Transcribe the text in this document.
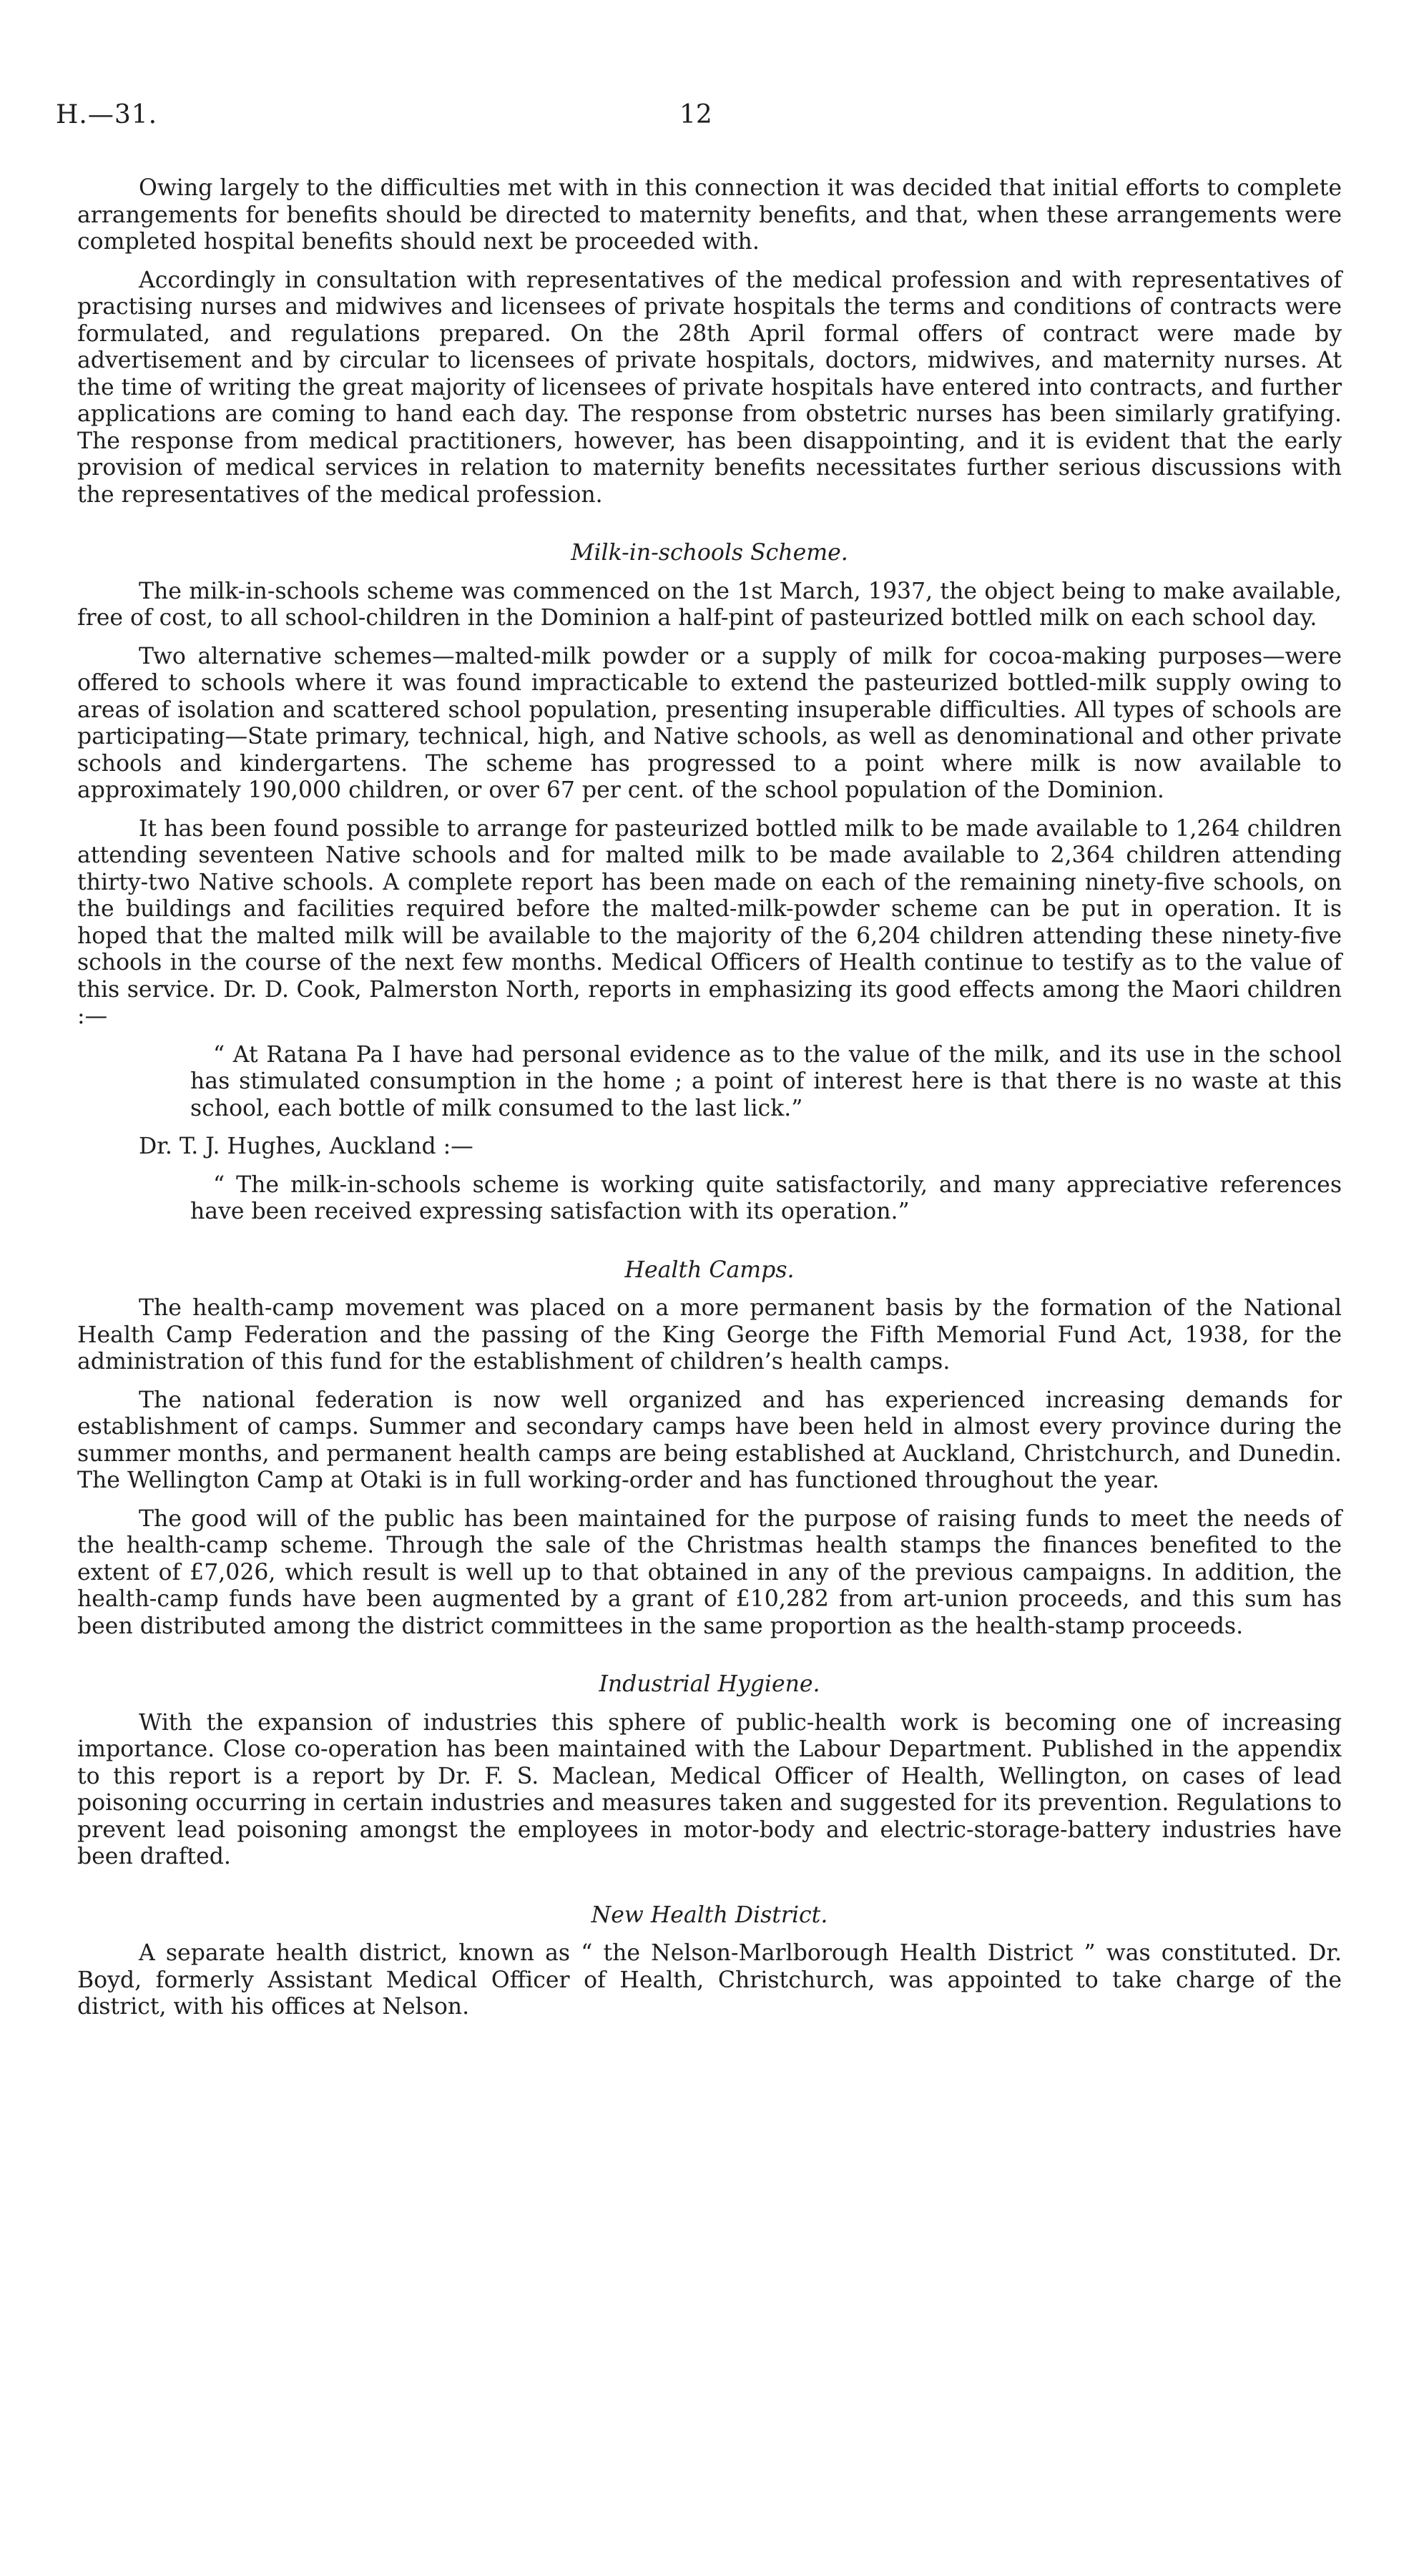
H.—31.	12

Owing largely to the difficulties met with in this connection it was decided that initial efforts to complete arrangements for benefits should be directed to maternity benefits, and that, when these arrangements were completed hospital benefits should next be proceeded with.

Accordingly in consultation with representatives of the medical profession and with representatives of practising nurses and midwives and licensees of private hospitals the terms and conditions of contracts were formulated, and regulations prepared. On the 28th April formal offers of contract were made by advertisement and by circular to licensees of private hospitals, doctors, midwives, and maternity nurses. At the time of writing the great majority of licensees of private hospitals have entered into contracts, and further applications are coming to hand each day. The response from obstetric nurses has been similarly gratifying. The response from medical practitioners, however, has been disappointing, and it is evident that the early provision of medical services in relation to maternity benefits necessitates further serious discussions with the representatives of the medical profession.

Milk-in-schools Scheme.

The milk-in-schools scheme was commenced on the 1st March, 1937, the object being to make available, free of cost, to all school-children in the Dominion a half-pint of pasteurized bottled milk on each school day.

Two alternative schemes—malted-milk powder or a supply of milk for cocoa-making purposes—were offered to schools where it was found impracticable to extend the pasteurized bottled-milk supply owing to areas of isolation and scattered school population, presenting insuperable difficulties. All types of schools are participating—State primary, technical, high, and Native schools, as well as denominational and other private schools and kindergartens. The scheme has progressed to a point where milk is now available to approximately 190,000 children, or over 67 per cent. of the school population of the Dominion.

It has been found possible to arrange for pasteurized bottled milk to be made available to 1,264 children attending seventeen Native schools and for malted milk to be made available to 2,364 children attending thirty-two Native schools. A complete report has been made on each of the remaining ninety-five schools, on the buildings and facilities required before the malted-milk-powder scheme can be put in operation. It is hoped that the malted milk will be available to the majority of the 6,204 children attending these ninety-five schools in the course of the next few months. Medical Officers of Health continue to testify as to the value of this service. Dr. D. Cook, Palmerston North, reports in emphasizing its good effects among the Maori children :—

“ At Ratana Pa I have had personal evidence as to the value of the milk, and its use in the school has stimulated consumption in the home ; a point of interest here is that there is no waste at this school, each bottle of milk consumed to the last lick.”

Dr. T. J. Hughes, Auckland :—

“ The milk-in-schools scheme is working quite satisfactorily, and many appreciative references have been received expressing satisfaction with its operation.”

Health Camps.

The health-camp movement was placed on a more permanent basis by the formation of the National Health Camp Federation and the passing of the King George the Fifth Memorial Fund Act, 1938, for the administration of this fund for the establishment of children’s health camps.

The national federation is now well organized and has experienced increasing demands for establishment of camps. Summer and secondary camps have been held in almost every province during the summer months, and permanent health camps are being established at Auckland, Christchurch, and Dunedin. The Wellington Camp at Otaki is in full working-order and has functioned throughout the year.

The good will of the public has been maintained for the purpose of raising funds to meet the needs of the health-camp scheme. Through the sale of the Christmas health stamps the finances benefited to the extent of £7,026, which result is well up to that obtained in any of the previous campaigns. In addition, the health-camp funds have been augmented by a grant of £10,282 from art-union proceeds, and this sum has been distributed among the district committees in the same proportion as the health-stamp proceeds.

Industrial Hygiene.

With the expansion of industries this sphere of public-health work is becoming one of increasing importance. Close co-operation has been maintained with the Labour Department. Published in the appendix to this report is a report by Dr. F. S. Maclean, Medical Officer of Health, Wellington, on cases of lead poisoning occurring in certain industries and measures taken and suggested for its prevention. Regulations to prevent lead poisoning amongst the employees in motor-body and electric-storage-battery industries have been drafted.

New Health District.

A separate health district, known as “ the Nelson-Marlborough Health District ” was constituted. Dr. Boyd, formerly Assistant Medical Officer of Health, Christchurch, was appointed to take charge of the district, with his offices at Nelson.
